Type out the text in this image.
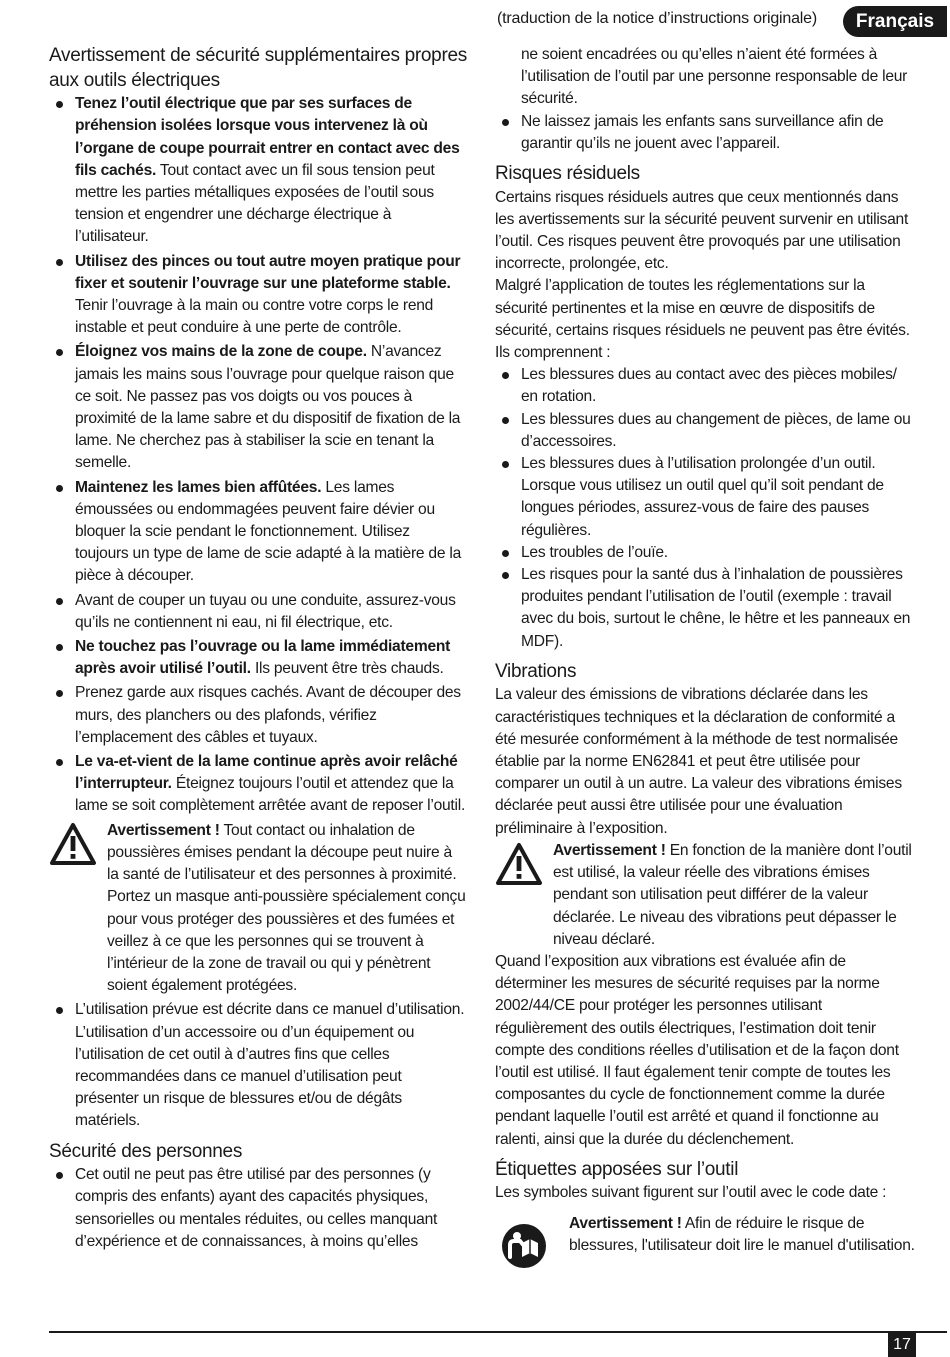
(traduction de la notice d’instructions originale)	Français
Avertissement de sécurité supplémentaires propres aux outils électriques
Tenez l’outil électrique que par ses surfaces de préhension isolées lorsque vous intervenez là où l’organe de coupe pourrait entrer en contact avec des fils cachés. Tout contact avec un fil sous tension peut mettre les parties métalliques exposées de l’outil sous tension et engendrer une décharge électrique à l’utilisateur.
Utilisez des pinces ou tout autre moyen pratique pour fixer et soutenir l’ouvrage sur une plateforme stable. Tenir l’ouvrage à la main ou contre votre corps le rend instable et peut conduire à une perte de contrôle.
Éloignez vos mains de la zone de coupe. N’avancez jamais les mains sous l’ouvrage pour quelque raison que ce soit. Ne passez pas vos doigts ou vos pouces à proximité de la lame sabre et du dispositif de fixation de la lame. Ne cherchez pas à stabiliser la scie en tenant la semelle.
Maintenez les lames bien affûtées. Les lames émoussées ou endommagées peuvent faire dévier ou bloquer la scie pendant le fonctionnement. Utilisez toujours un type de lame de scie adapté à la matière de la pièce à découper.
Avant de couper un tuyau ou une conduite, assurez-vous qu’ils ne contiennent ni eau, ni fil électrique, etc.
Ne touchez pas l’ouvrage ou la lame immédiatement après avoir utilisé l’outil. Ils peuvent être très chauds.
Prenez garde aux risques cachés. Avant de découper des murs, des planchers ou des plafonds, vérifiez l’emplacement des câbles et tuyaux.
Le va-et-vient de la lame continue après avoir relâché l’interrupteur. Éteignez toujours l’outil et attendez que la lame se soit complètement arrêtée avant de reposer l’outil.
Avertissement ! Tout contact ou inhalation de poussières émises pendant la découpe peut nuire à la santé de l’utilisateur et des personnes à proximité. Portez un masque anti-poussière spécialement conçu pour vous protéger des poussières et des fumées et veillez à ce que les personnes qui se trouvent à l’intérieur de la zone de travail ou qui y pénètrent soient également protégées.
L’utilisation prévue est décrite dans ce manuel d’utilisation. L’utilisation d’un accessoire ou d’un équipement ou l’utilisation de cet outil à d’autres fins que celles recommandées dans ce manuel d’utilisation peut présenter un risque de blessures et/ou de dégâts matériels.
Sécurité des personnes
Cet outil ne peut pas être utilisé par des personnes (y compris des enfants) ayant des capacités physiques, sensorielles ou mentales réduites, ou celles manquant d’expérience et de connaissances, à moins qu’elles
ne soient encadrées ou qu’elles n’aient été formées à l’utilisation de l’outil par une personne responsable de leur sécurité.
Ne laissez jamais les enfants sans surveillance afin de garantir qu’ils ne jouent avec l’appareil.
Risques résiduels

Certains risques résiduels autres que ceux mentionnés dans les avertissements sur la sécurité peuvent survenir en utilisant l’outil. Ces risques peuvent être provoqués par une utilisation incorrecte, prolongée, etc.

Malgré l’application de toutes les réglementations sur la sécurité pertinentes et la mise en œuvre de dispositifs de sécurité, certains risques résiduels ne peuvent pas être évités. Ils comprennent :

Les blessures dues au contact avec des pièces mobiles/ en rotation.
Les blessures dues au changement de pièces, de lame ou d’accessoires.
Les blessures dues à l’utilisation prolongée d’un outil. Lorsque vous utilisez un outil quel qu’il soit pendant de longues périodes, assurez-vous de faire des pauses régulières.
Les troubles de l’ouïe.
Les risques pour la santé dus à l’inhalation de poussières produites pendant l’utilisation de l’outil (exemple : travail avec du bois, surtout le chêne, le hêtre et les panneaux en MDF).
Vibrations

La valeur des émissions de vibrations déclarée dans les caractéristiques techniques et la déclaration de conformité a été mesurée conformément à la méthode de test normalisée établie par la norme EN62841 et peut être utilisée pour comparer un outil à un autre. La valeur des vibrations émises déclarée peut aussi être utilisée pour une évaluation préliminaire à l’exposition.

Avertissement ! En fonction de la manière dont l’outil est utilisé, la valeur réelle des vibrations émises pendant son utilisation peut différer de la valeur déclarée. Le niveau des vibrations peut dépasser le niveau déclaré.

Quand l’exposition aux vibrations est évaluée afin de déterminer les mesures de sécurité requises par la norme 2002/44/CE pour protéger les personnes utilisant régulièrement des outils électriques, l’estimation doit tenir compte des conditions réelles d’utilisation et de la façon dont l’outil est utilisé. Il faut également tenir compte de toutes les composantes du cycle de fonctionnement comme la durée pendant laquelle l’outil est arrêté et quand il fonctionne au ralenti, ainsi que la durée du déclenchement.

Étiquettes apposées sur l’outil

Les symboles suivant figurent sur l’outil avec le code date :

Avertissement ! Afin de réduire le risque de blessures, l'utilisateur doit lire le manuel d'utilisation.
17
